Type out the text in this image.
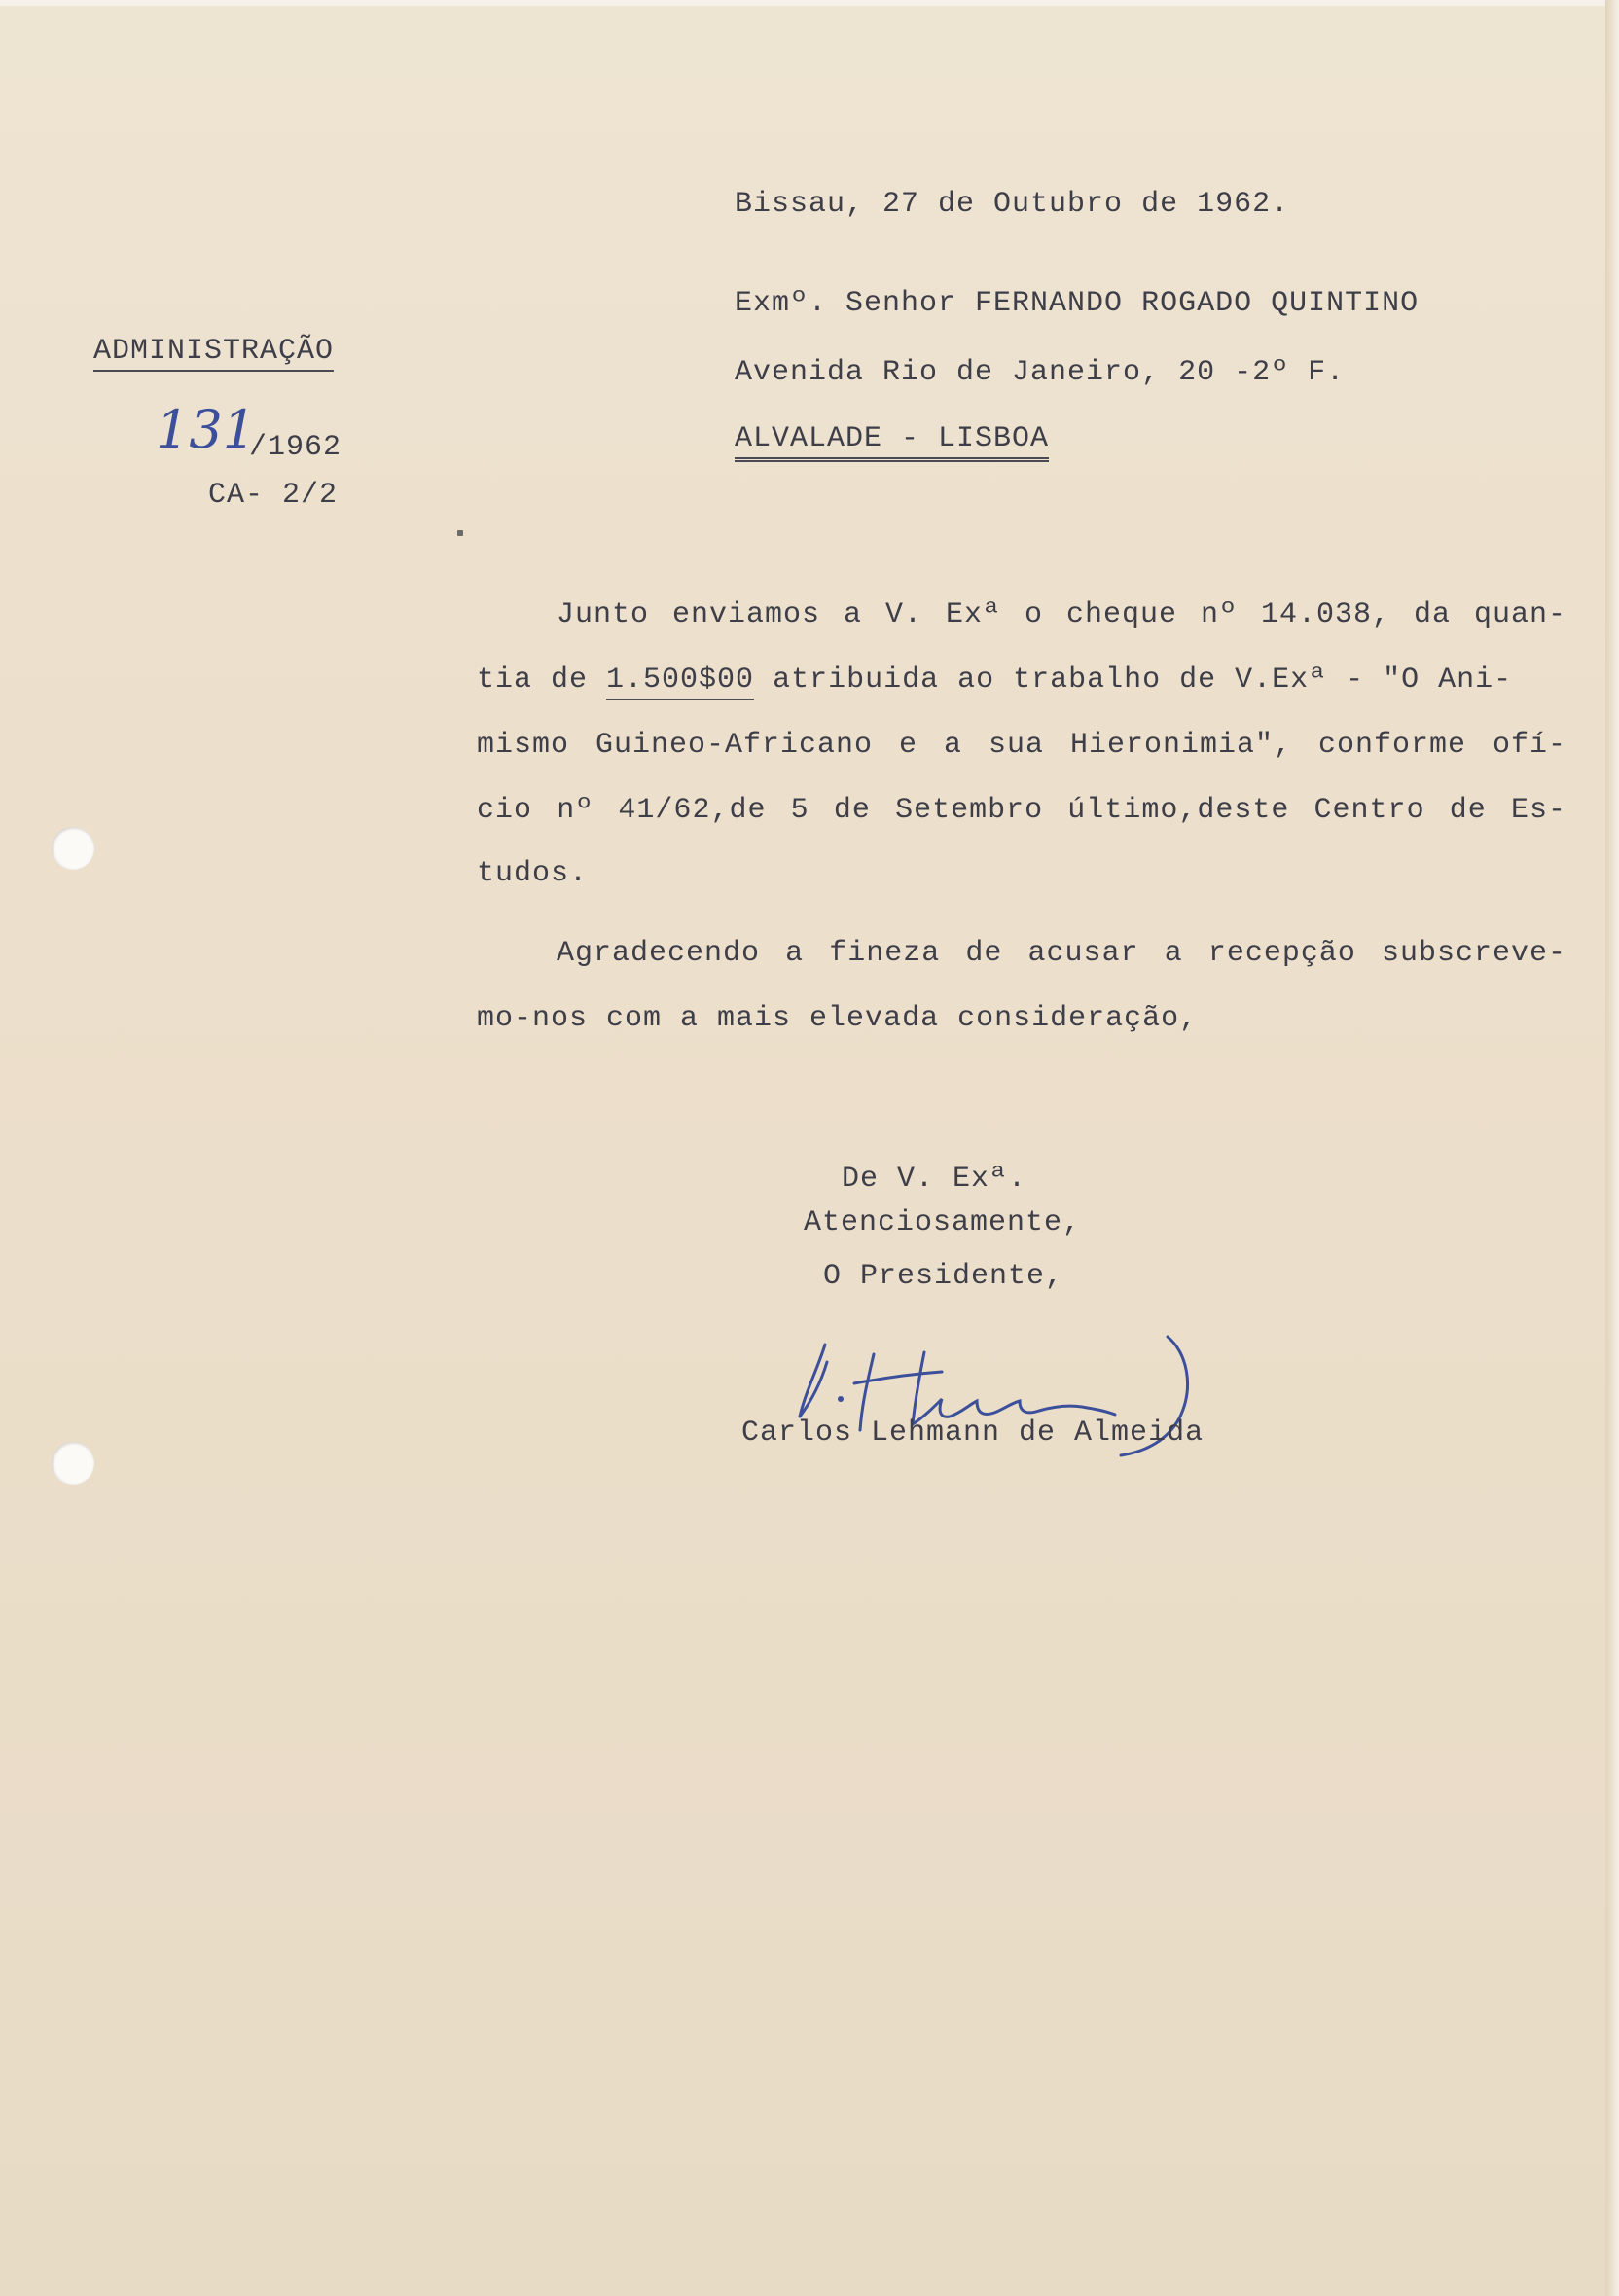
Bissau, 27 de Outubro de 1962.
Exmº. Senhor FERNANDO ROGADO QUINTINO
Avenida Rio de Janeiro, 20 -2º F.
ALVALADE - LISBOA
ADMINISTRAÇÃO
131
/1962
CA- 2/2
Junto enviamos a V. Exª o cheque nº 14.038, da quan-
tia de 1.500$00 atribuida ao trabalho de V.Exª - "O Ani-
mismo Guineo-Africano e a sua Hieronimia", conforme ofí-
cio nº 41/62,de 5 de Setembro último,deste Centro de Es-
tudos.
Agradecendo a fineza de acusar a recepção subscreve-
mo-nos com a mais elevada consideração,
De V. Exª.
Atenciosamente,
O Presidente,
Carlos Lehmann de Almeida
